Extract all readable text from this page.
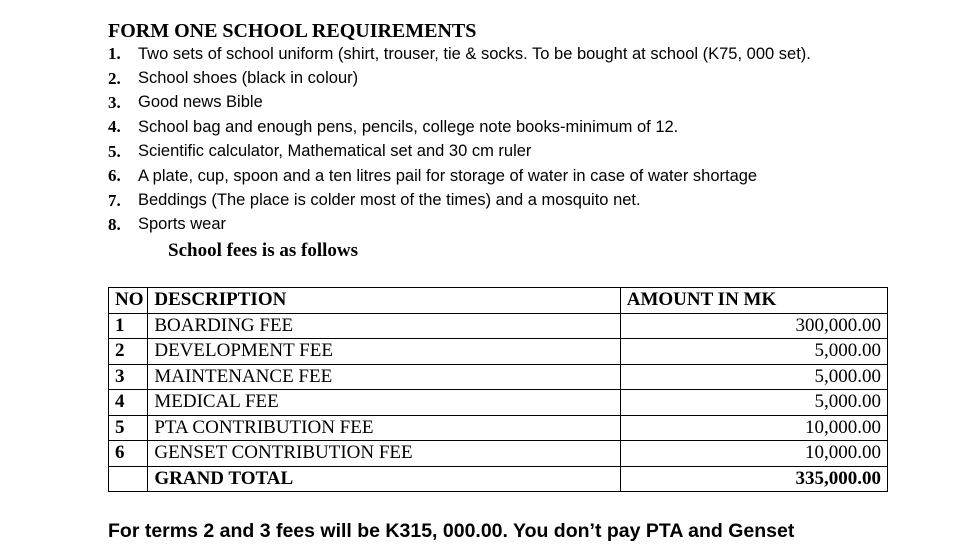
FORM ONE SCHOOL REQUIREMENTS
1.	Two sets of school uniform (shirt, trouser, tie & socks. To be bought at school (K75, 000 set).
2.	School shoes (black in colour)
3.	Good news Bible
4.	School bag and enough pens, pencils, college note books-minimum of 12.
5.	Scientific calculator, Mathematical set and 30 cm ruler
6.	A plate, cup, spoon and a ten litres pail for storage of water in case of water shortage
7.	Beddings (The place is colder most of the times) and a mosquito net.
8.	Sports wear
School fees is as follows
NO	DESCRIPTION	AMOUNT IN MK
1	BOARDING FEE	300,000.00
2	DEVELOPMENT FEE	5,000.00
3	MAINTENANCE FEE	5,000.00
4	MEDICAL FEE	5,000.00
5	PTA CONTRIBUTION FEE	10,000.00
6	GENSET CONTRIBUTION FEE	10,000.00
	GRAND TOTAL	335,000.00

For terms 2 and 3 fees will be K315, 000.00. You don’t pay PTA and Genset
